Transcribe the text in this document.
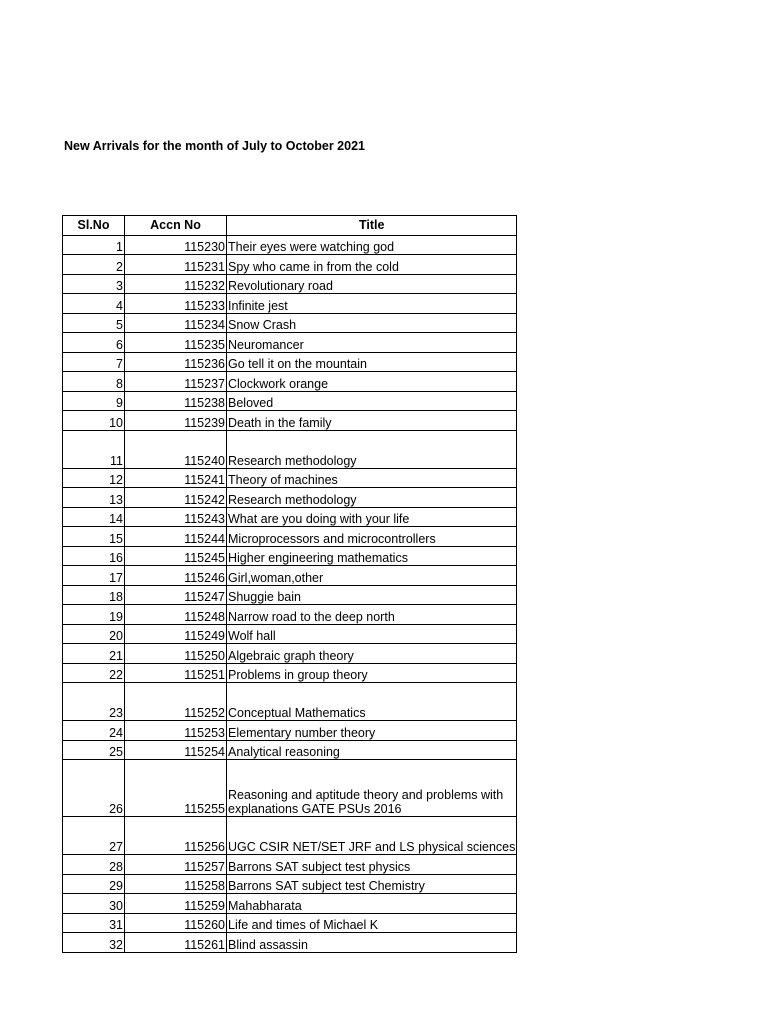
New Arrivals for the month of July to October 2021
Sl.No	Accn No	Title
1	115230	Their eyes were watching god
2	115231	Spy who came in from the cold
3	115232	Revolutionary road
4	115233	Infinite jest
5	115234	Snow Crash
6	115235	Neuromancer
7	115236	Go tell it on the mountain
8	115237	Clockwork orange
9	115238	Beloved
10	115239	Death in the family
11	115240	Research methodology
12	115241	Theory of machines
13	115242	Research methodology
14	115243	What are you doing with your life
15	115244	Microprocessors and microcontrollers
16	115245	Higher engineering mathematics
17	115246	Girl,woman,other
18	115247	Shuggie bain
19	115248	Narrow road to the deep north
20	115249	Wolf hall
21	115250	Algebraic graph theory
22	115251	Problems in group theory
23	115252	Conceptual Mathematics
24	115253	Elementary number theory
25	115254	Analytical reasoning
26	115255	Reasoning and aptitude theory and problems with explanations GATE PSUs 2016
27	115256	UGC CSIR NET/SET JRF and LS physical sciences
28	115257	Barrons SAT subject test physics
29	115258	Barrons SAT subject test Chemistry
30	115259	Mahabharata
31	115260	Life and times of Michael K
32	115261	Blind assassin
